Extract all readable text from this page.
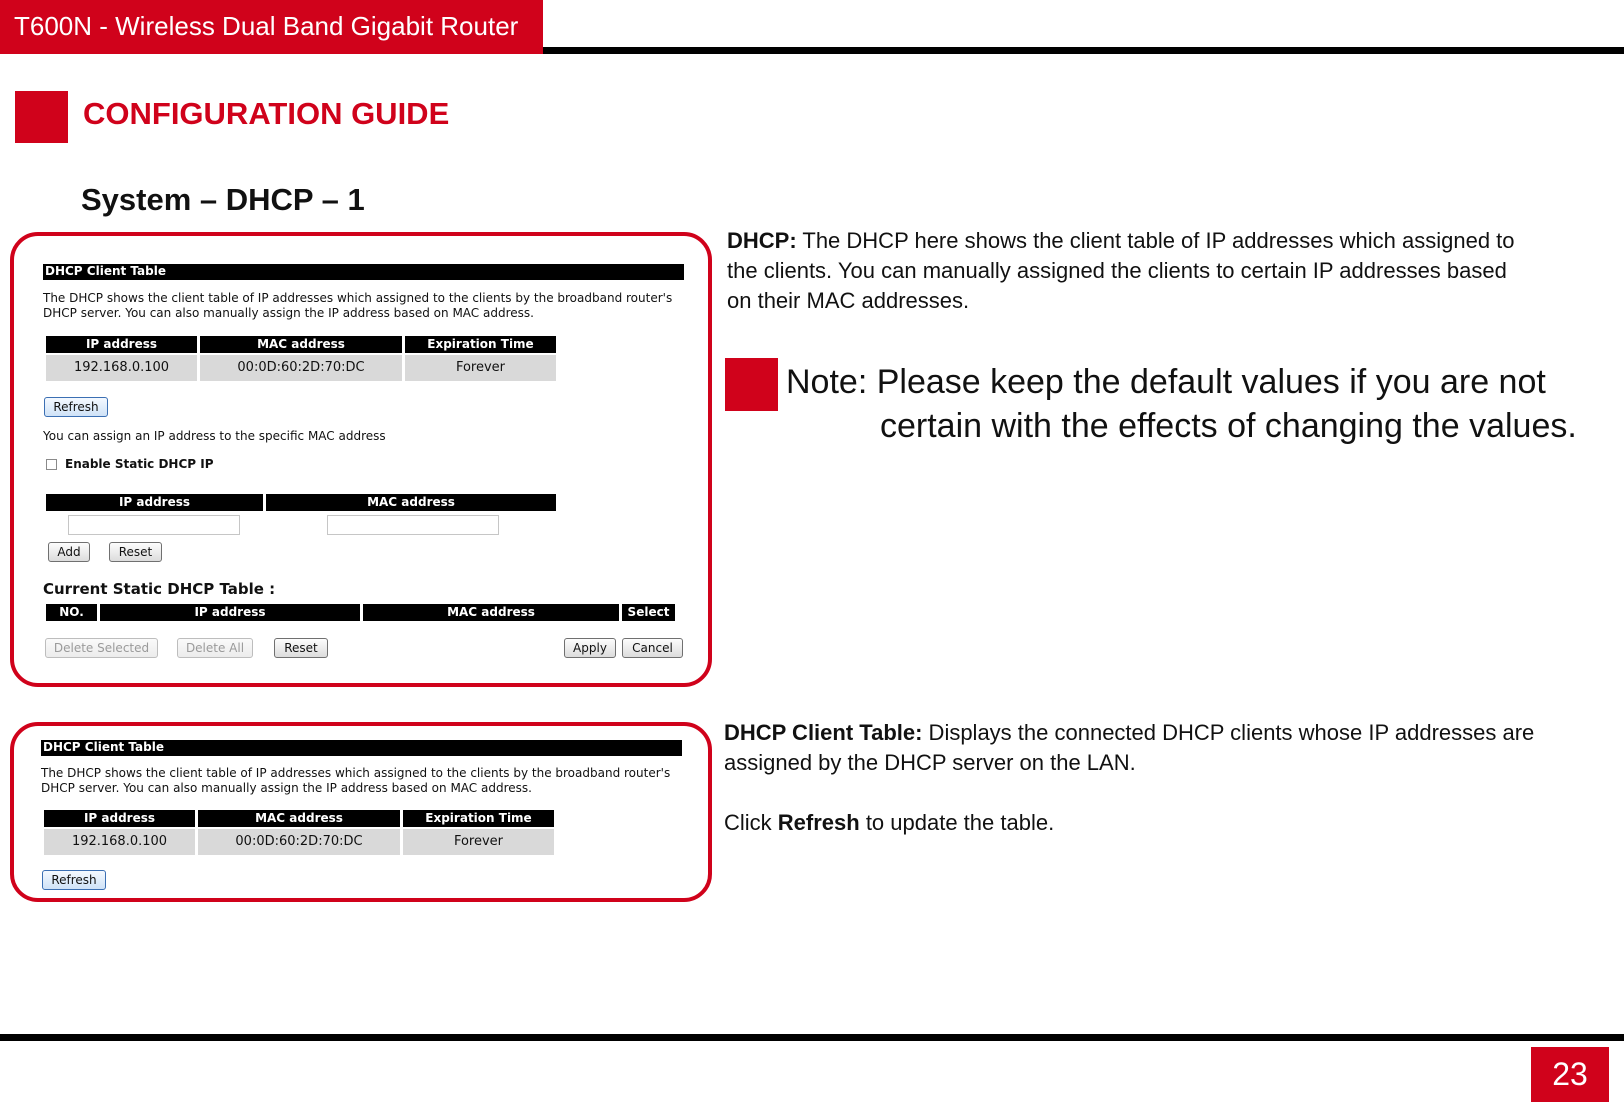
T600N - Wireless Dual Band Gigabit Router
CONFIGURATION GUIDE
System – DHCP – 1
DHCP Client Table
The DHCP shows the client table of IP addresses which assigned to the clients by the broadband router's DHCP server. You can also manually assign the IP address based on MAC address.
IP address	MAC address	Expiration Time
192.168.0.100	00:0D:60:2D:70:DC	Forever
Refresh
You can assign an IP address to the specific MAC address
Enable Static DHCP IP
IP address	MAC address
Add	Reset
Current Static DHCP Table :
NO.	IP address	MAC address	Select
Delete Selected	Delete All	Reset	Apply	Cancel
DHCP Client Table
The DHCP shows the client table of IP addresses which assigned to the clients by the broadband router's DHCP server. You can also manually assign the IP address based on MAC address.
IP address	MAC address	Expiration Time
192.168.0.100	00:0D:60:2D:70:DC	Forever
Refresh
DHCP: The DHCP here shows the client table of IP addresses which assigned to
the clients. You can manually assigned the clients to certain IP addresses based
on their MAC addresses.
Note: Please keep the default values if you are not
certain with the effects of changing the values.
DHCP Client Table: Displays the connected DHCP clients whose IP addresses are
assigned by the DHCP server on the LAN.
Click Refresh to update the table.
23
